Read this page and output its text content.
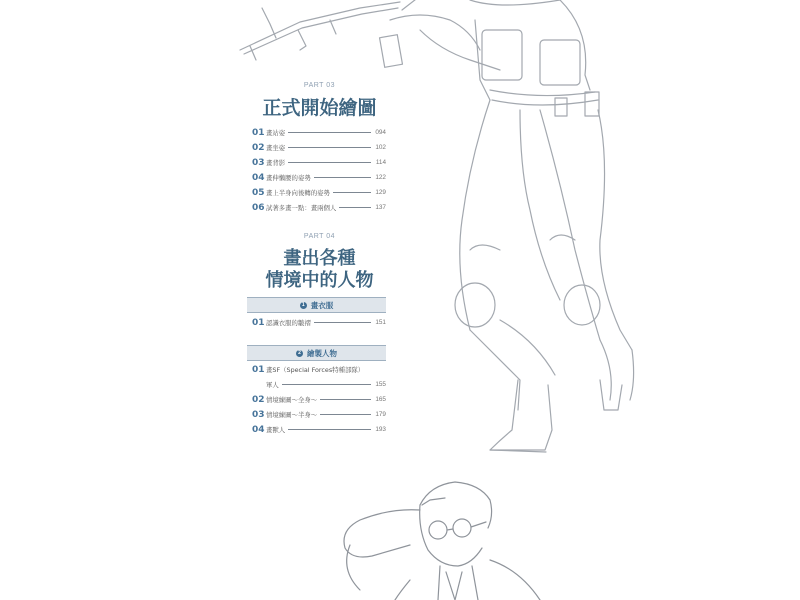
PART 03
正式開始繪圖
01 畫站姿	094
02 畫坐姿	102
03 畫背影	114
04 畫伸懶腰的姿勢	122
05 畫上半身向後轉的姿勢	129
06 試著多畫一點：畫兩個人	137
PART 04
畫出各種
情境中的人物
1 畫衣服
01 認識衣服的皺褶	151
2 繪製人物
01 畫SF（Special Forces特種部隊）
軍人	155
02 情境練圖～全身～	165
03 情境練圖～半身～	179
04 畫獸人	193
